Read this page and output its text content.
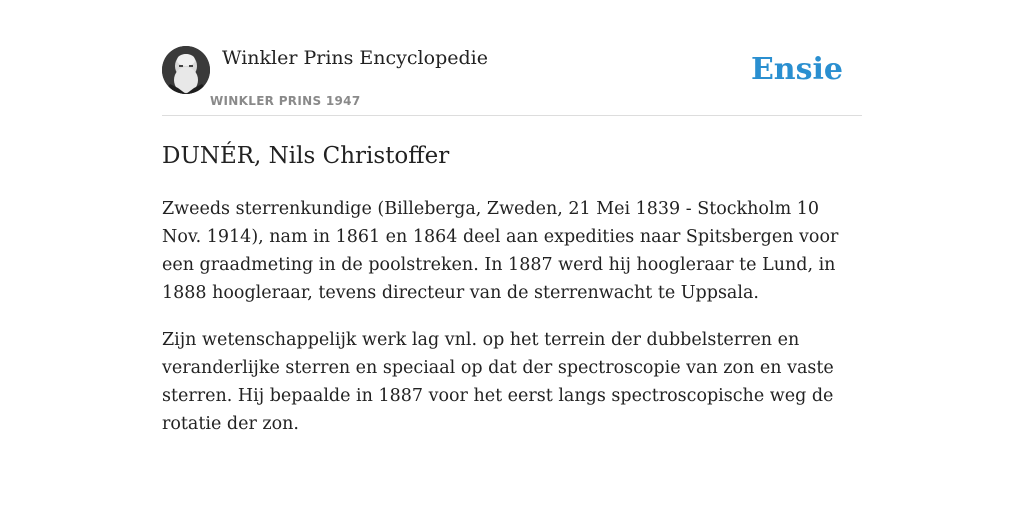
Winkler Prins Encyclopedie
WINKLER PRINS 1947
Ensie
DUNÉR, Nils Christoffer

Zweeds sterrenkundige (Billeberga, Zweden, 21 Mei 1839 - Stockholm 10 Nov. 1914), nam in 1861 en 1864 deel aan expedities naar Spitsbergen voor een graadmeting in de poolstreken. In 1887 werd hij hoogleraar te Lund, in 1888 hoogleraar, tevens directeur van de sterrenwacht te Uppsala.

Zijn wetenschappelijk werk lag vnl. op het terrein der dubbelsterren en veranderlijke sterren en speciaal op dat der spectroscopie van zon en vaste sterren. Hij bepaalde in 1887 voor het eerst langs spectroscopische weg de rotatie der zon.
